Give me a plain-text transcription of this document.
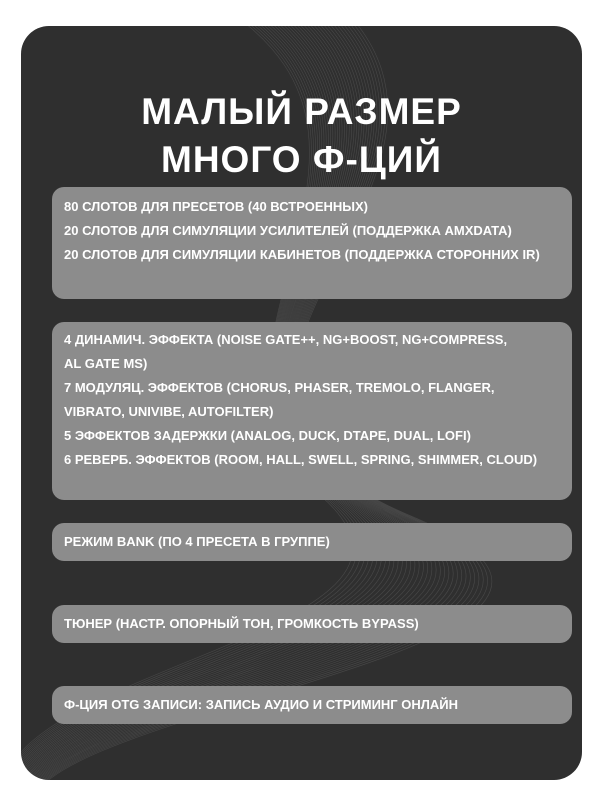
МАЛЫЙ РАЗМЕР
МНОГО Ф-ЦИЙ
80 СЛОТОВ ДЛЯ ПРЕСЕТОВ (40 ВСТРОЕННЫХ)
20 СЛОТОВ ДЛЯ СИМУЛЯЦИИ УСИЛИТЕЛЕЙ (ПОДДЕРЖКА AMXDATA)
20 СЛОТОВ ДЛЯ СИМУЛЯЦИИ КАБИНЕТОВ (ПОДДЕРЖКА СТОРОННИХ IR)
4 ДИНАМИЧ. ЭФФЕКТА (NOISE GATE++, NG+BOOST, NG+COMPRESS,
AL GATE MS)
7 МОДУЛЯЦ. ЭФФЕКТОВ (CHORUS, PHASER, TREMOLO, FLANGER,
VIBRATO, UNIVIBE, AUTOFILTER)
5 ЭФФЕКТОВ ЗАДЕРЖКИ (ANALOG, DUCK, DTAPE, DUAL, LOFI)
6 РЕВЕРБ. ЭФФЕКТОВ (ROOM, HALL, SWELL, SPRING, SHIMMER, CLOUD)
РЕЖИМ BANK (ПО 4 ПРЕСЕТА В ГРУППЕ)
ТЮНЕР (НАСТР. ОПОРНЫЙ ТОН, ГРОМКОСТЬ BYPASS)
Ф-ЦИЯ OTG ЗАПИСИ: ЗАПИСЬ АУДИО И СТРИМИНГ ОНЛАЙН
